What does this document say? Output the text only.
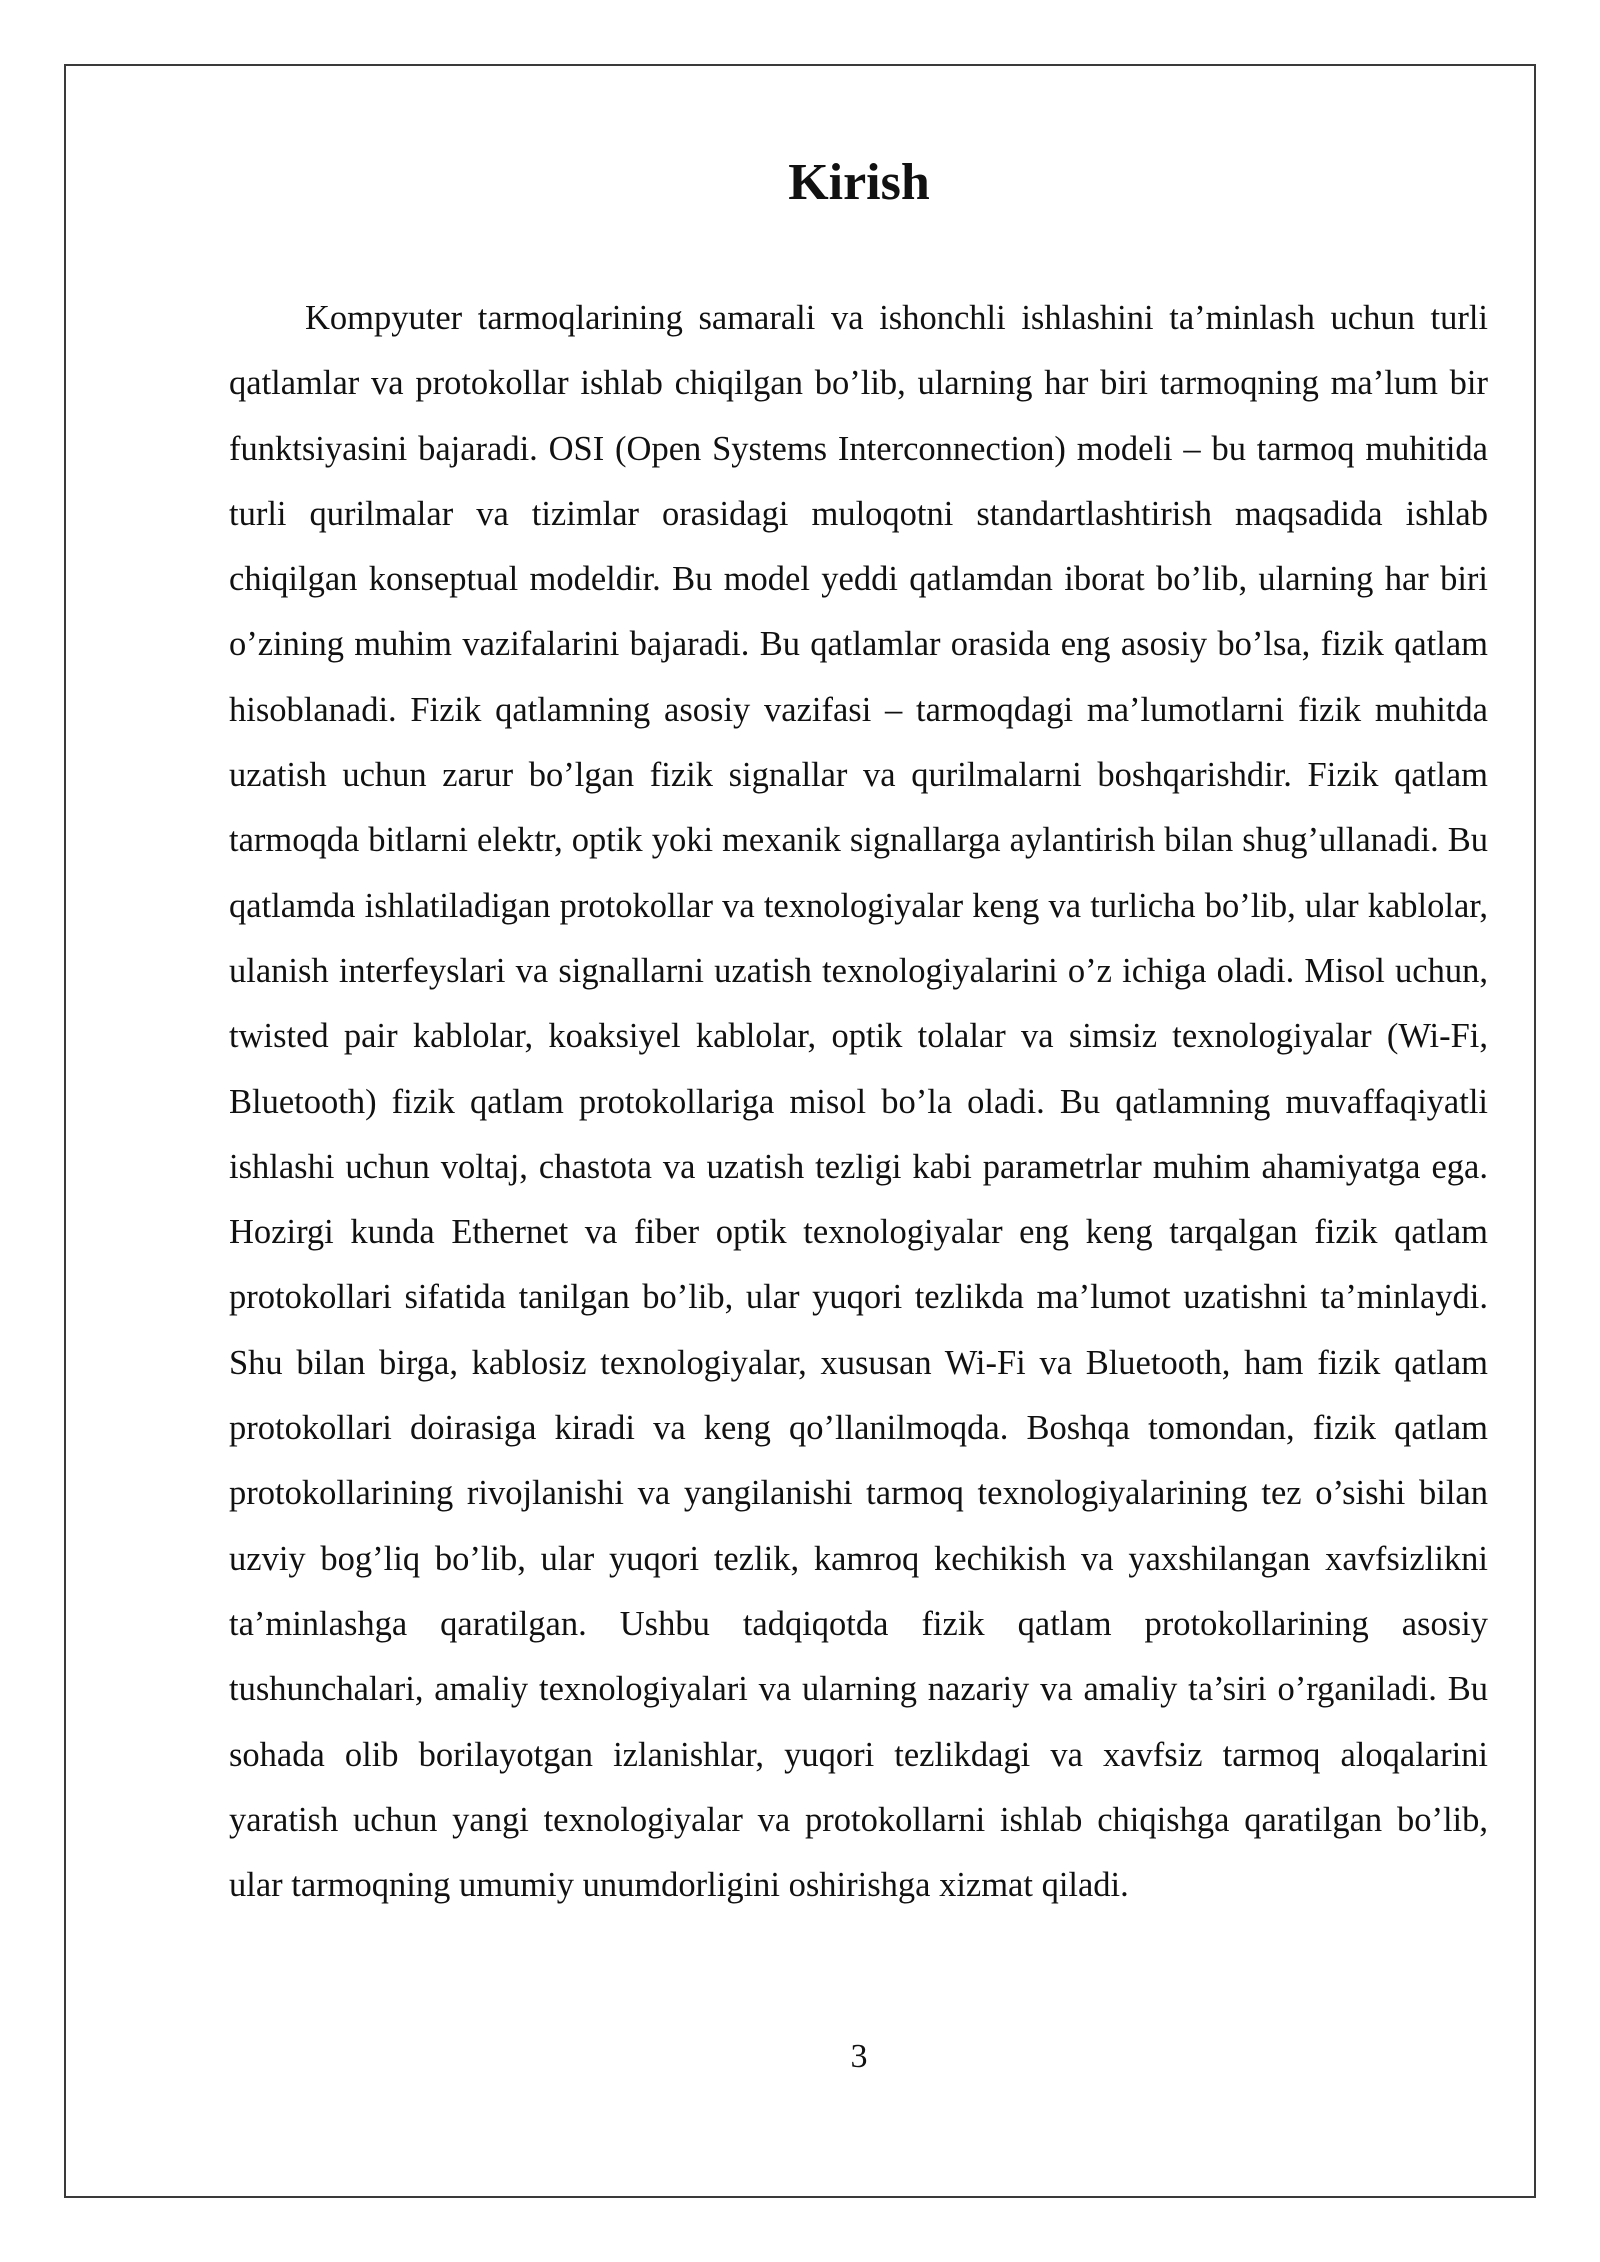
Kirish

Kompyuter tarmoqlarining samarali va ishonchli ishlashini ta’minlash uchun turli qatlamlar va protokollar ishlab chiqilgan bo’lib, ularning har biri tarmoqning ma’lum bir funktsiyasini bajaradi. OSI (Open Systems Interconnection) modeli – bu tarmoq muhitida turli qurilmalar va tizimlar orasidagi muloqotni standartlashtirish maqsadida ishlab chiqilgan konseptual modeldir. Bu model yeddi qatlamdan iborat bo’lib, ularning har biri o’zining muhim vazifalarini bajaradi. Bu qatlamlar orasida eng asosiy bo’lsa, fizik qatlam hisoblanadi. Fizik qatlamning asosiy vazifasi – tarmoqdagi ma’lumotlarni fizik muhitda uzatish uchun zarur bo’lgan fizik signallar va qurilmalarni boshqarishdir. Fizik qatlam tarmoqda bitlarni elektr, optik yoki mexanik signallarga aylantirish bilan shug’ullanadi. Bu qatlamda ishlatiladigan protokollar va texnologiyalar keng va turlicha bo’lib, ular kablolar, ulanish interfeyslari va signallarni uzatish texnologiyalarini o’z ichiga oladi. Misol uchun, twisted pair kablolar, koaksiyel kablolar, optik tolalar va simsiz texnologiyalar (Wi-Fi, Bluetooth) fizik qatlam protokollariga misol bo’la oladi. Bu qatlamning muvaffaqiyatli ishlashi uchun voltaj, chastota va uzatish tezligi kabi parametrlar muhim ahamiyatga ega. Hozirgi kunda Ethernet va fiber optik texnologiyalar eng keng tarqalgan fizik qatlam protokollari sifatida tanilgan bo’lib, ular yuqori tezlikda ma’lumot uzatishni ta’minlaydi. Shu bilan birga, kablosiz texnologiyalar, xususan Wi-Fi va Bluetooth, ham fizik qatlam protokollari doirasiga kiradi va keng qo’llanilmoqda. Boshqa tomondan, fizik qatlam protokollarining rivojlanishi va yangilanishi tarmoq texnologiyalarining tez o’sishi bilan uzviy bog’liq bo’lib, ular yuqori tezlik, kamroq kechikish va yaxshilangan xavfsizlikni ta’minlashga qaratilgan. Ushbu tadqiqotda fizik qatlam protokollarining asosiy tushunchalari, amaliy texnologiyalari va ularning nazariy va amaliy ta’siri o’rganiladi. Bu sohada olib borilayotgan izlanishlar, yuqori tezlikdagi va xavfsiz tarmoq aloqalarini yaratish uchun yangi texnologiyalar va protokollarni ishlab chiqishga qaratilgan bo’lib, ular tarmoqning umumiy unumdorligini oshirishga xizmat qiladi.

3
